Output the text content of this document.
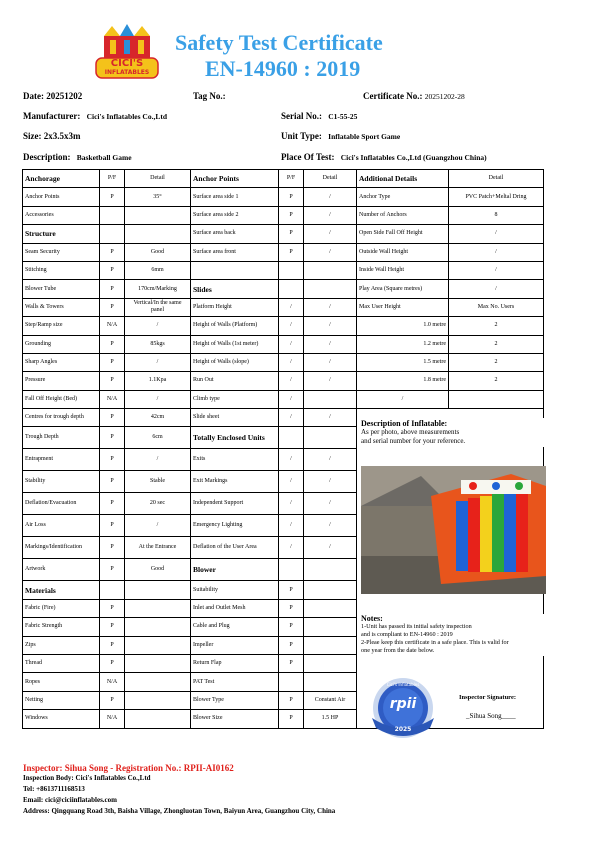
CICI'S
INFLATABLES
Safety Test Certificate
EN-14960 : 2019
Date: 20251202	Tag No.:	Certificate No.: 20251202-28
Manufacturer: Cici's Inflatables Co.,Ltd	Serial No.: C1-55-25
Size: 2x3.5x3m	Unit Type: Inflatable Sport Game
Description: Basketball Game	Place Of Test: Cici's Inflatables Co.,Ltd (Guangzhou China)
Anchorage	P/F	Detail	Anchor Points	P/F	Detail	Additional Details	Detail
Anchor Points	P	35°	Surface area side 1	P	/	Anchor Type	PVC Patch+Meltal Dring
Accessories			Surface area side 2	P	/	Number of Anchors	8
Structure			Surface area back	P	/	Open Side Fall Off Height	/
Seam Security	P	Good	Surface area front	P	/	Outside Wall Height	/
Stitching	P	6mm				Inside Wall Height	/
Blower Tube	P	170cm/Marking	Slides			Play Area (Square metres)	/
Walls & Towers	P	Vertical/In the same panel	Platform Height	/	/	Max User Height	Max No. Users
Step/Ramp size	N/A	/	Height of Walls (Platform)	/	/	1.0 metre	2
Grounding	P	85kgs	Height of Walls (1st meter)	/	/	1.2 metre	2
Sharp Angles	P	/	Height of Walls (slope)	/	/	1.5 metre	2
Pressure	P	1.1Kpa	Run Out	/	/	1.8 metre	2
Fall Off Height (Bed)	N/A	/	Climb type	/		/	
Centres for trough depth	P	42cm	Slide sheet	/	/		
Trough Depth	P	6cm	Totally Enclosed Units				
Entrapment	P	/	Exits	/	/		
Stability	P	Stable	Exit Markings	/	/		
Deflation/Evacuation	P	20 sec	Independent Support	/	/		
Air Loss	P	/	Emergency Lighting	/	/		
Markings/Identification	P	At the Entrance	Deflation of the User Area	/	/		
Artwork	P	Good	Blower				
Materials			Suitability	P			
Fabric (Fire)	P		Inlet and Outlet Mesh	P			
Fabric Strength	P		Cable and Plug	P			
Zips	P		Impeller	P			
Thread	P		Return Flap	P			
Ropes	N/A		PAT Test				
Netting	P		Blower Type	P	Constant Air		
Windows	N/A		Blower Size	P	1.5 HP		
Description of Inflatable:
As per photo, above measurements
and serial number for your reference.
Notes:
1-Unit has passed its initial safety inspection
and is compliant to EN-14960 : 2019
2-Pleae keep this certificate in a safe place. This is valid for
one year from the date below.
Cici's Inflatables
rpii
2025
Inspector Signature:
_Sihua Song____
Inspector: Sihua Song - Registration No.: RPII-AI0162
Inspection Body: Cici's Inflatables Co.,Ltd
Tel: +8613711168513
Email: cici@ciciinflatables.com
Address: Qingquang Road 3th, Baisha Village, Zhongluotan Town, Baiyun Area, Guangzhou City, China
